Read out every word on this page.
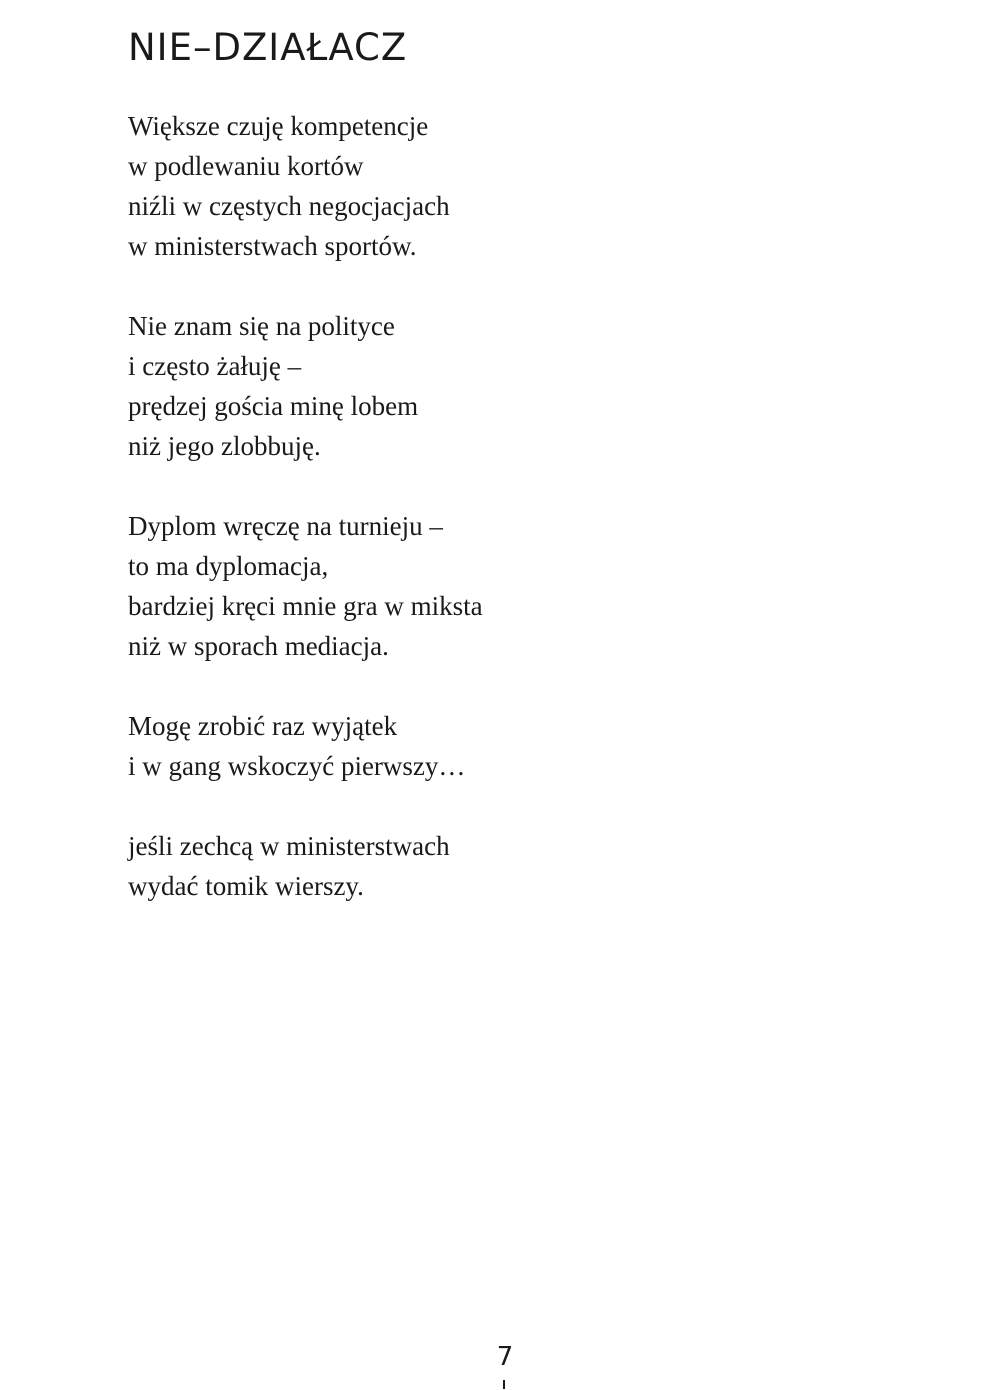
NIE–DZIAŁACZ
Większe czuję kompetencje
w podlewaniu kortów
niźli w częstych negocjacjach
w ministerstwach sportów.
Nie znam się na polityce
i często żałuję –
prędzej gościa minę lobem
niż jego zlobbuję.
Dyplom wręczę na turnieju –
to ma dyplomacja,
bardziej kręci mnie gra w miksta
niż w sporach mediacja.
Mogę zrobić raz wyjątek
i w gang wskoczyć pierwszy…
jeśli zechcą w ministerstwach
wydać tomik wierszy.
7
